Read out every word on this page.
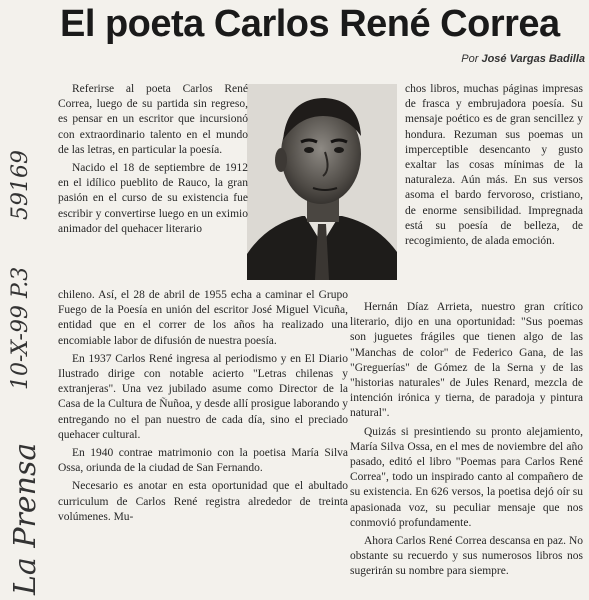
El poeta Carlos René Correa
Por José Vargas Badilla
59169
10-X-99 P.3
La Prensa

Referirse al poeta Carlos René Correa, luego de su partida sin regreso, es pensar en un escritor que incursionó con extraordinario talento en el mundo de las letras, en particular la poesía.

Nacido el 18 de septiembre de 1912 en el idílico pueblito de Rauco, la gran pasión en el curso de su existencia fue escribir y convertirse luego en un eximio animador del quehacer literario

chos libros, muchas páginas impresas de frasca y embrujadora poesía. Su mensaje poético es de gran sencillez y hondura. Rezuman sus poemas un imperceptible desencanto y gusto exaltar las cosas mínimas de la naturaleza. Aún más. En sus versos asoma el bardo fervoroso, cristiano, de enorme sensibilidad. Impregnada está su poesía de belleza, de recogimiento, de alada emoción.

chileno. Así, el 28 de abril de 1955 echa a caminar el Grupo Fuego de la Poesía en unión del escritor José Miguel Vicuña, entidad que en el correr de los años ha realizado una encomiable labor de difusión de nuestra poesía.

En 1937 Carlos René ingresa al periodismo y en El Diario Ilustrado dirige con notable acierto "Letras chilenas y extranjeras". Una vez jubilado asume como Director de la Casa de la Cultura de Ñuñoa, y desde allí prosigue laborando y entregando no el pan nuestro de cada día, sino el preciado quehacer cultural.

En 1940 contrae matrimonio con la poetisa María Silva Ossa, oriunda de la ciudad de San Fernando.

Necesario es anotar en esta oportunidad que el abultado curriculum de Carlos René registra alrededor de treinta volúmenes. Mu-

Hernán Díaz Arrieta, nuestro gran crítico literario, dijo en una oportunidad: "Sus poemas son juguetes frágiles que tienen algo de las "Manchas de color" de Federico Gana, de las "Greguerías" de Gómez de la Serna y de las "historias naturales" de Jules Renard, mezcla de intención irónica y tierna, de paradoja y pintura natural".

Quizás si presintiendo su pronto alejamiento, María Silva Ossa, en el mes de noviembre del año pasado, editó el libro "Poemas para Carlos René Correa", todo un inspirado canto al compañero de su existencia. En 626 versos, la poetisa dejó oír su apasionada voz, su peculiar mensaje que nos conmovió profundamente.

Ahora Carlos René Correa descansa en paz. No obstante su recuerdo y sus numerosos libros nos sugerirán su nombre para siempre.
